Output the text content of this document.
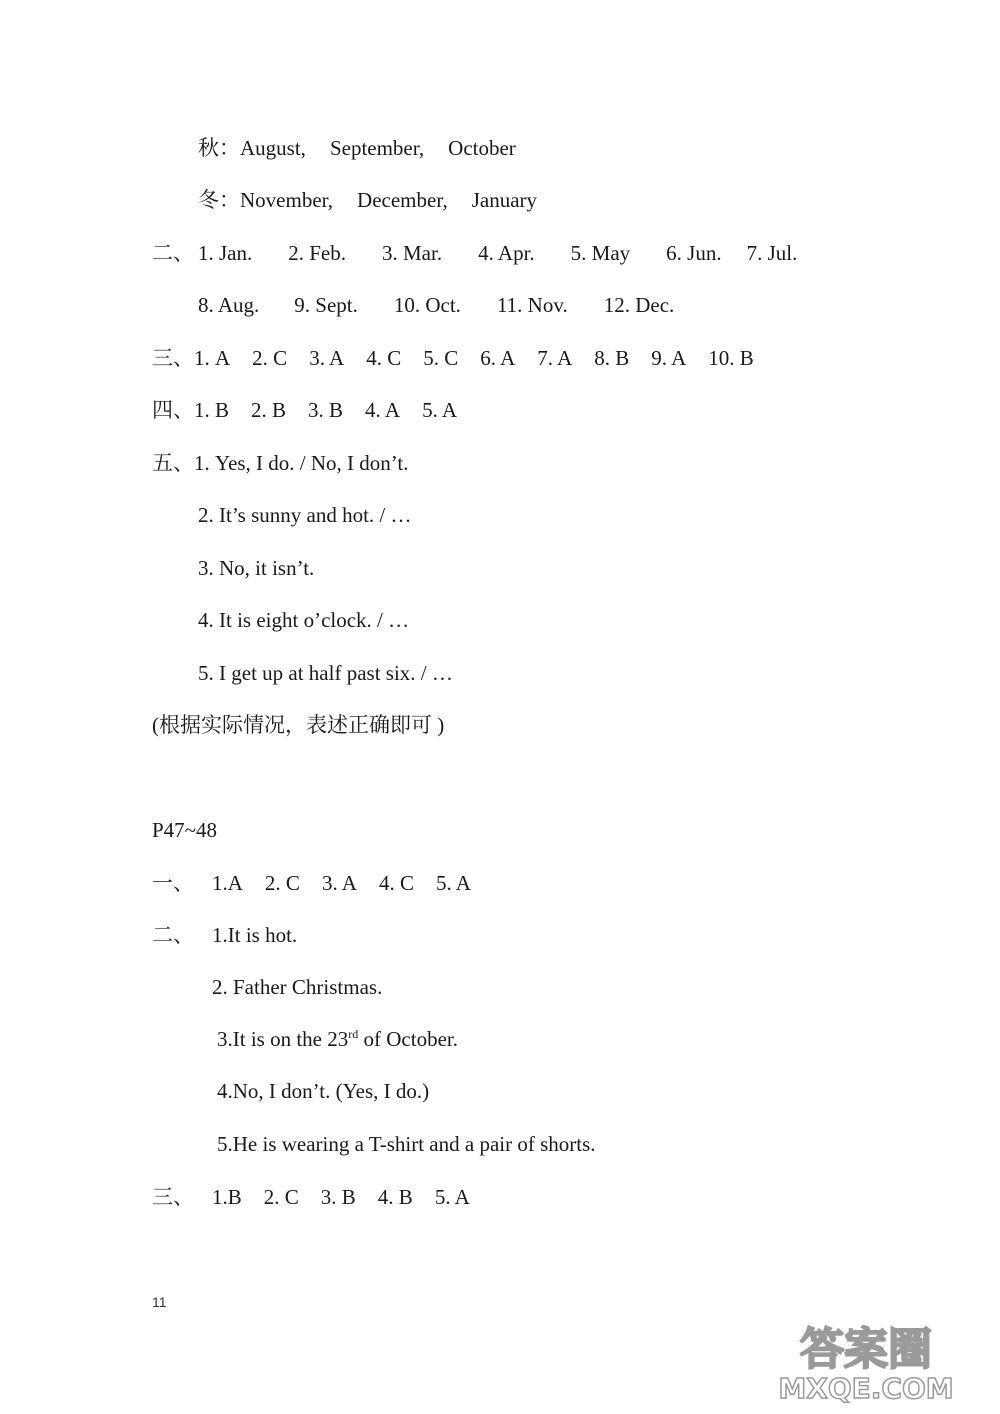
秋：August, September, October
冬：November, December, January
二、 1. Jan. 2. Feb. 3. Mar. 4. Apr. 5. May 6. Jun. 7. Jul.
8. Aug. 9. Sept. 10. Oct. 11. Nov. 12. Dec.
三、1. A 2. C 3. A 4. C 5. C 6. A 7. A 8. B 9. A 10. B
四、1. B 2. B 3. B 4. A 5. A
五、1. Yes, I do. / No, I don’t.
2. It’s sunny and hot. / …
3. No, it isn’t.
4. It is eight o’clock. / …
5. I get up at half past six. / …
(根据实际情况，表述正确即可 )
P47~48
一、 1.A 2. C 3. A 4. C 5. A
二、 1.It is hot.
2. Father Christmas.
3.It is on the 23rd of October.
4.No, I don’t. (Yes, I do.)
5.He is wearing a T-shirt and a pair of shorts.
三、 1.B 2. C 3. B 4. B 5. A
11
答案圈
MXQE.COM
